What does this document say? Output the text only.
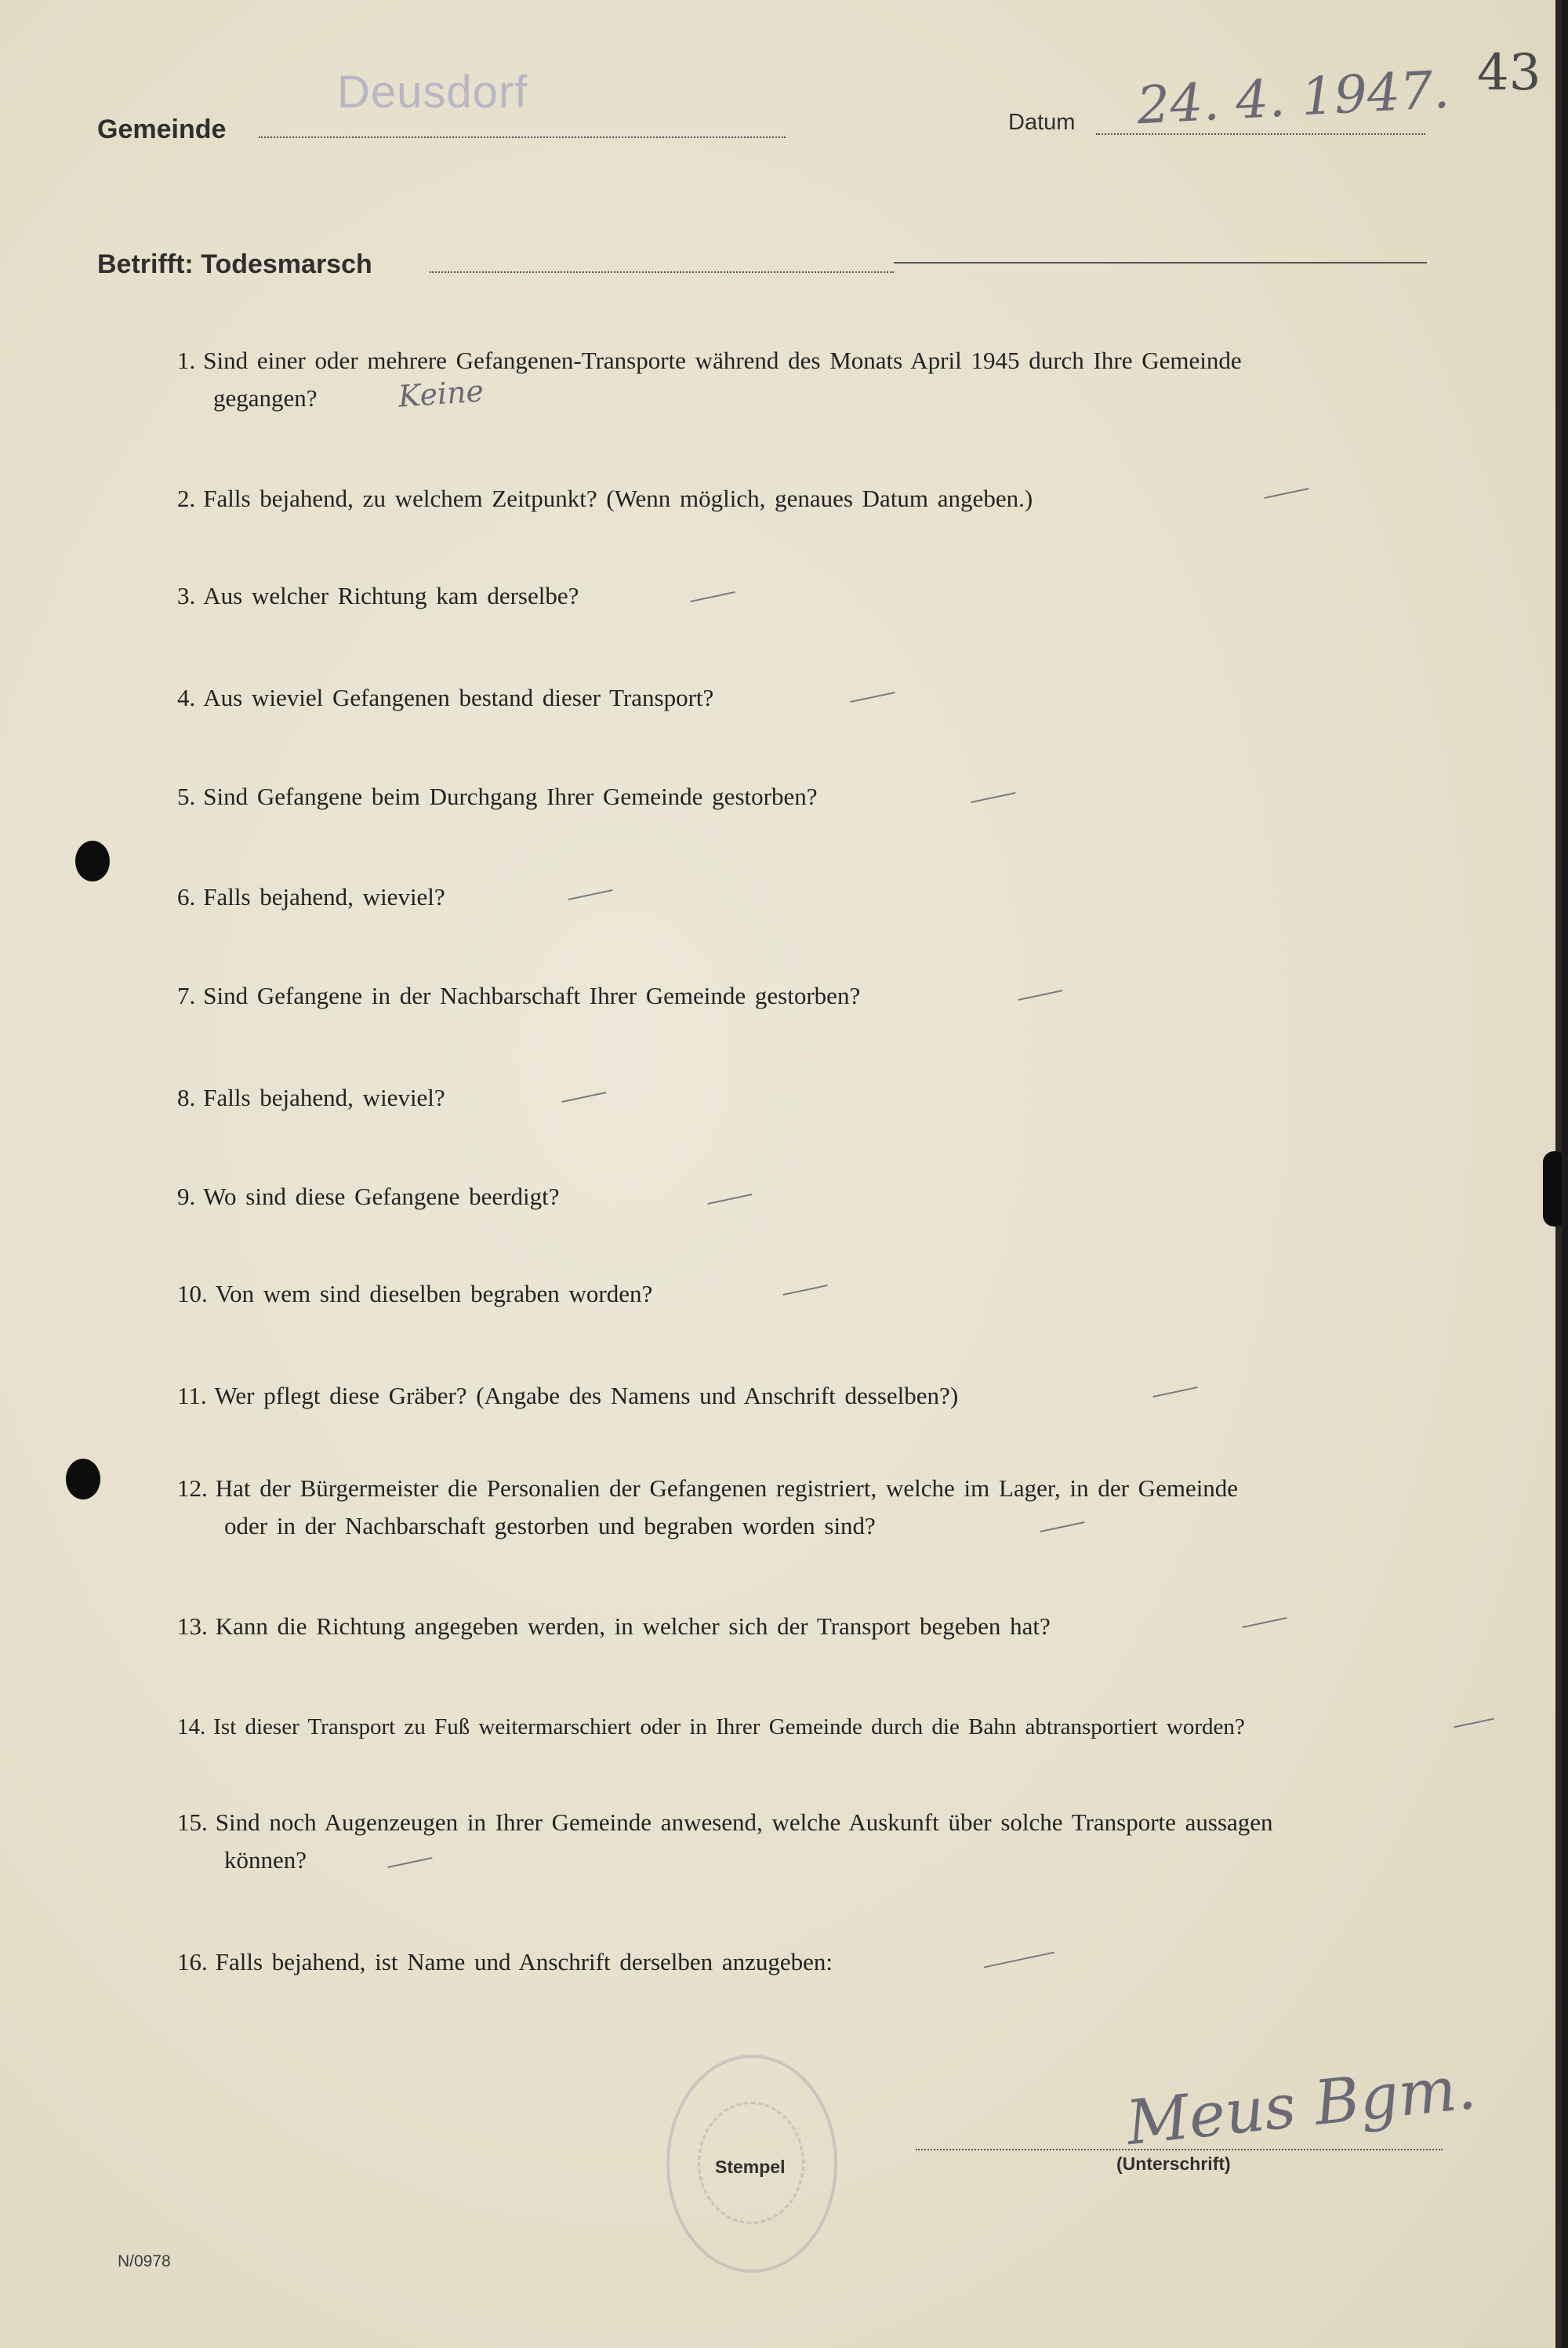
43
Gemeinde
Deusdorf
Datum 24. 4. 1947.
Betrifft: Todesmarsch
1. Sind einer oder mehrere Gefangenen-Transporte während des Monats April 1945 durch Ihre Gemeinde
gegangen?	Keine
2. Falls bejahend, zu welchem Zeitpunkt? (Wenn möglich, genaues Datum angeben.)
3. Aus welcher Richtung kam derselbe?
4. Aus wieviel Gefangenen bestand dieser Transport?
5. Sind Gefangene beim Durchgang Ihrer Gemeinde gestorben?
6. Falls bejahend, wieviel?
7. Sind Gefangene in der Nachbarschaft Ihrer Gemeinde gestorben?
8. Falls bejahend, wieviel?
9. Wo sind diese Gefangene beerdigt?
10. Von wem sind dieselben begraben worden?
11. Wer pflegt diese Gräber? (Angabe des Namens und Anschrift desselben?)
12. Hat der Bürgermeister die Personalien der Gefangenen registriert, welche im Lager, in der Gemeinde
oder in der Nachbarschaft gestorben und begraben worden sind?
13. Kann die Richtung angegeben werden, in welcher sich der Transport begeben hat?
14. Ist dieser Transport zu Fuß weitermarschiert oder in Ihrer Gemeinde durch die Bahn abtransportiert worden?
15. Sind noch Augenzeugen in Ihrer Gemeinde anwesend, welche Auskunft über solche Transporte aussagen
können?
16. Falls bejahend, ist Name und Anschrift derselben anzugeben:
Stempel
Meus Bgm.
(Unterschrift)
N/0978
